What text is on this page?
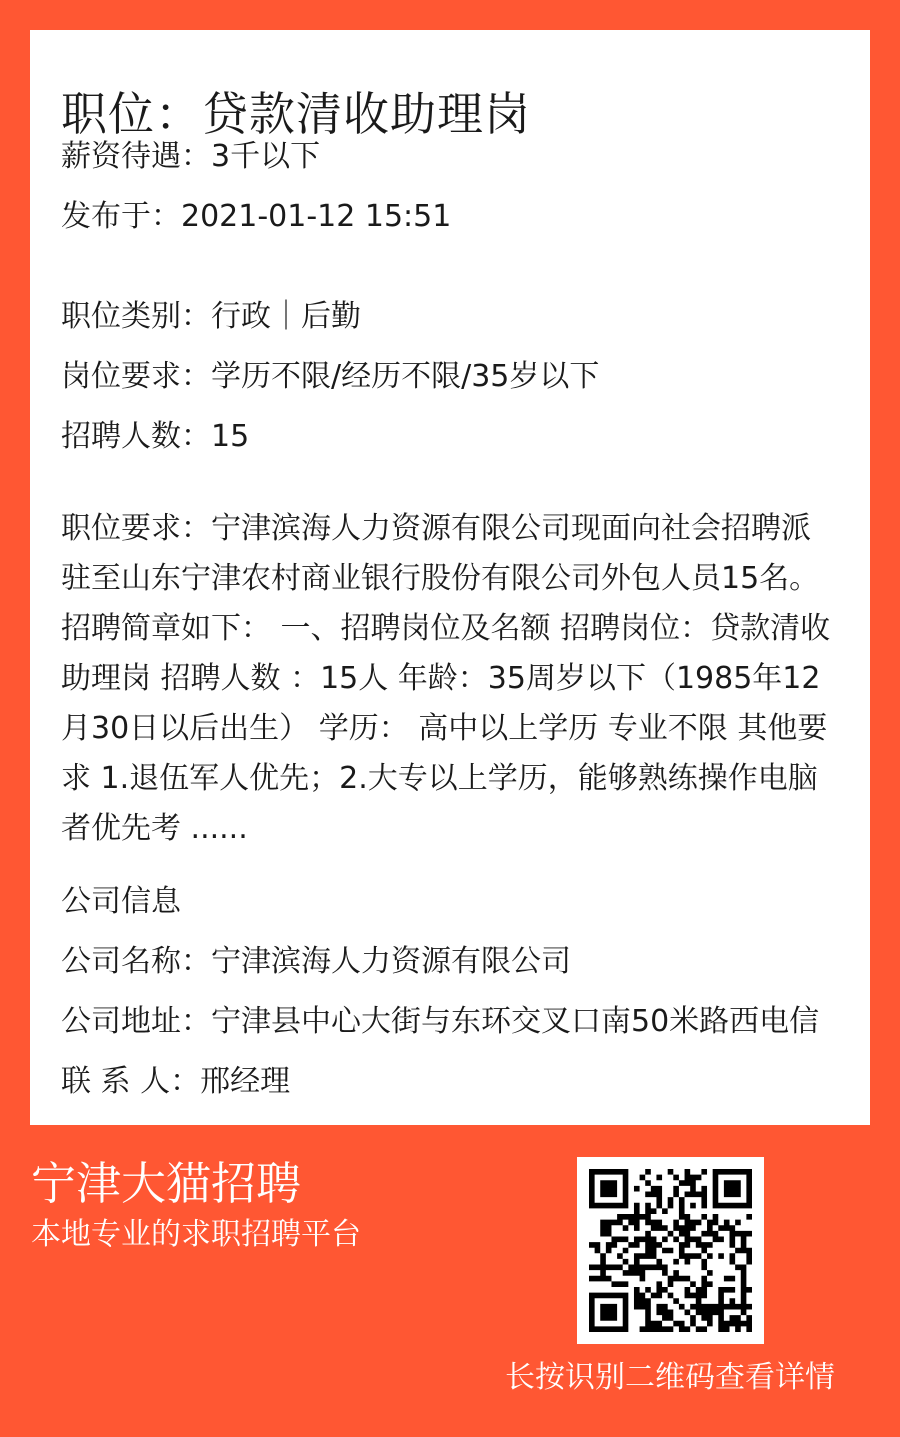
职位：贷款清收助理岗
薪资待遇：3千以下
发布于：2021-01-12 15:51
职位类别：行政｜后勤
岗位要求：学历不限/经历不限/35岁以下
招聘人数：15

职位要求：宁津滨海人力资源有限公司现面向社会招聘派驻至山东宁津农村商业银行股份有限公司外包人员15名。 招聘简章如下： 一、招聘岗位及名额 招聘岗位：贷款清收助理岗 招聘人数 ：15人 年龄：35周岁以下（1985年12月30日以后出生） 学历： 高中以上学历 专业不限 其他要求 1.退伍军人优先；2.大专以上学历，能够熟练操作电脑者优先考 ......

公司信息
公司名称：宁津滨海人力资源有限公司
公司地址：宁津县中心大街与东环交叉口南50米路西电信
联 系 人：邢经理
宁津大猫招聘
本地专业的求职招聘平台
长按识别二维码查看详情
